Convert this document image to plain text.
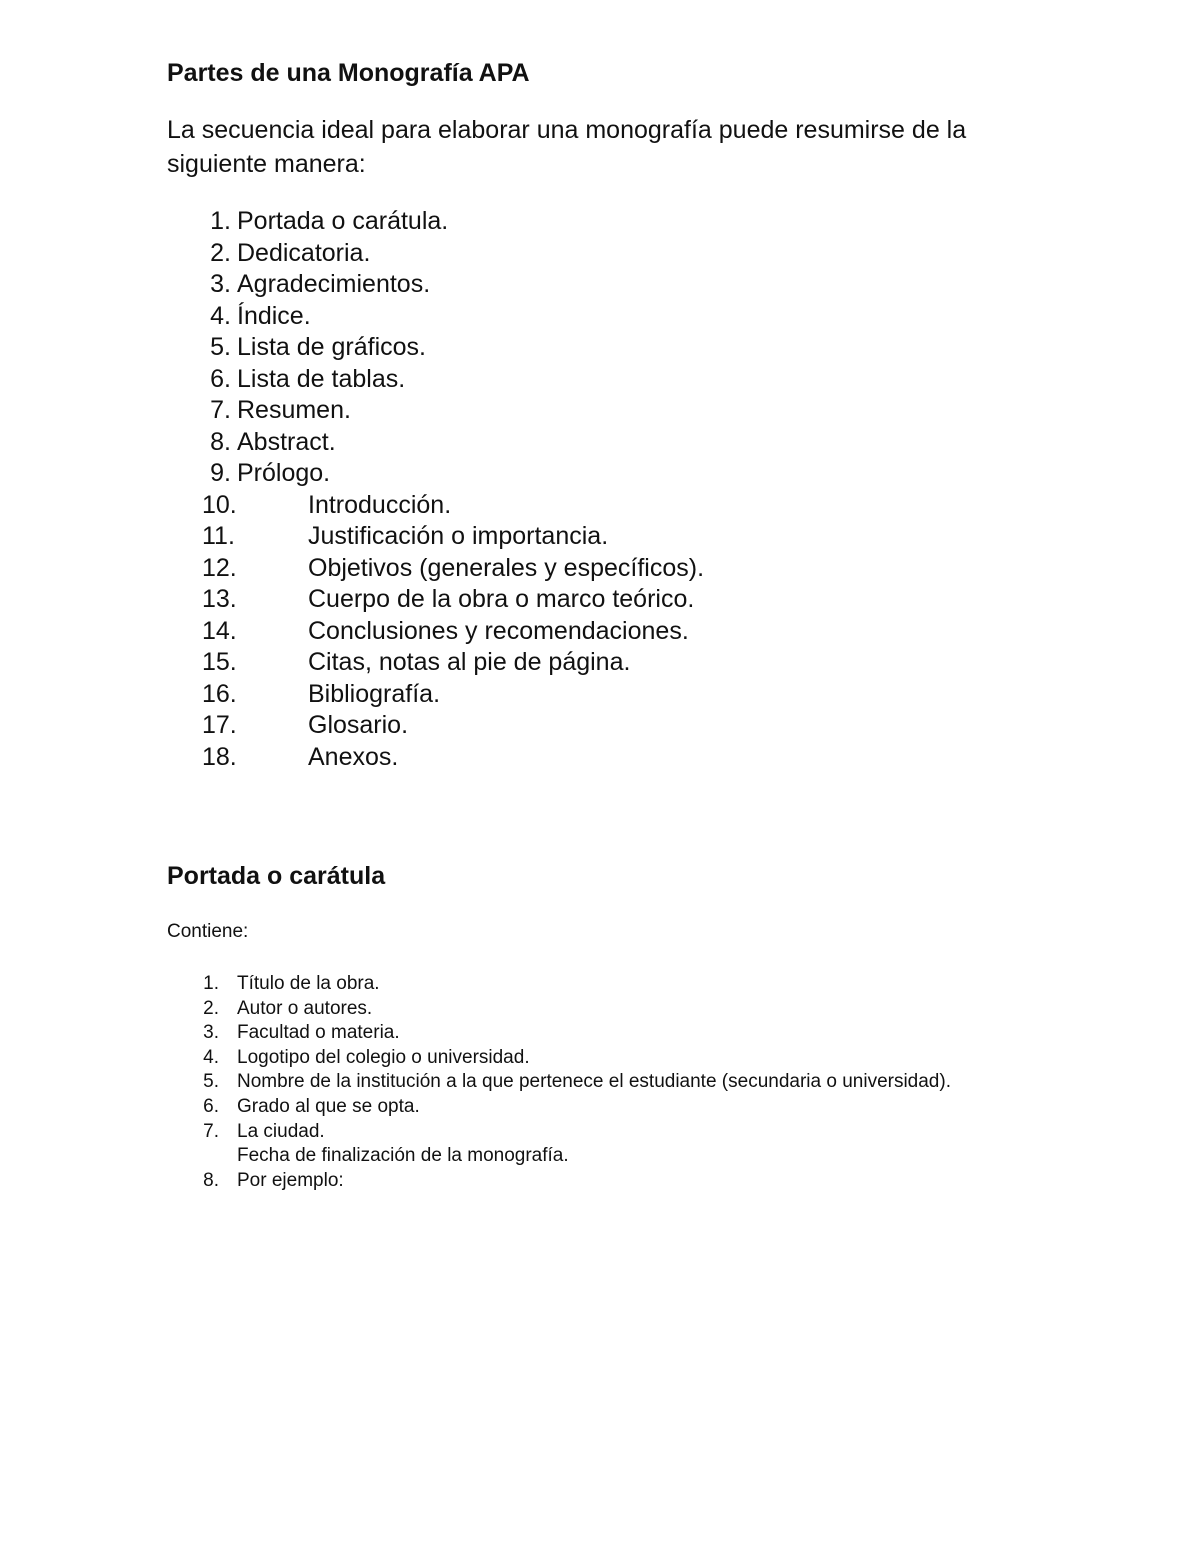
Partes de una Monografía APA

La secuencia ideal para elaborar una monografía puede resumirse de la siguiente manera:

1. Portada o carátula.
2. Dedicatoria.
3. Agradecimientos.
4. Índice.
5. Lista de gráficos.
6. Lista de tablas.
7. Resumen.
8. Abstract.
9. Prólogo.
10.	Introducción.
11.	Justificación o importancia.
12.	Objetivos (generales y específicos).
13.	Cuerpo de la obra o marco teórico.
14.	Conclusiones y recomendaciones.
15.	Citas, notas al pie de página.
16.	Bibliografía.
17.	Glosario.
18.	Anexos.
Portada o carátula

Contiene:

1. Título de la obra.
2. Autor o autores.
3. Facultad o materia.
4. Logotipo del colegio o universidad.
5. Nombre de la institución a la que pertenece el estudiante (secundaria o universidad).
6. Grado al que se opta.
7. La ciudad.
Fecha de finalización de la monografía.
8. Por ejemplo:
